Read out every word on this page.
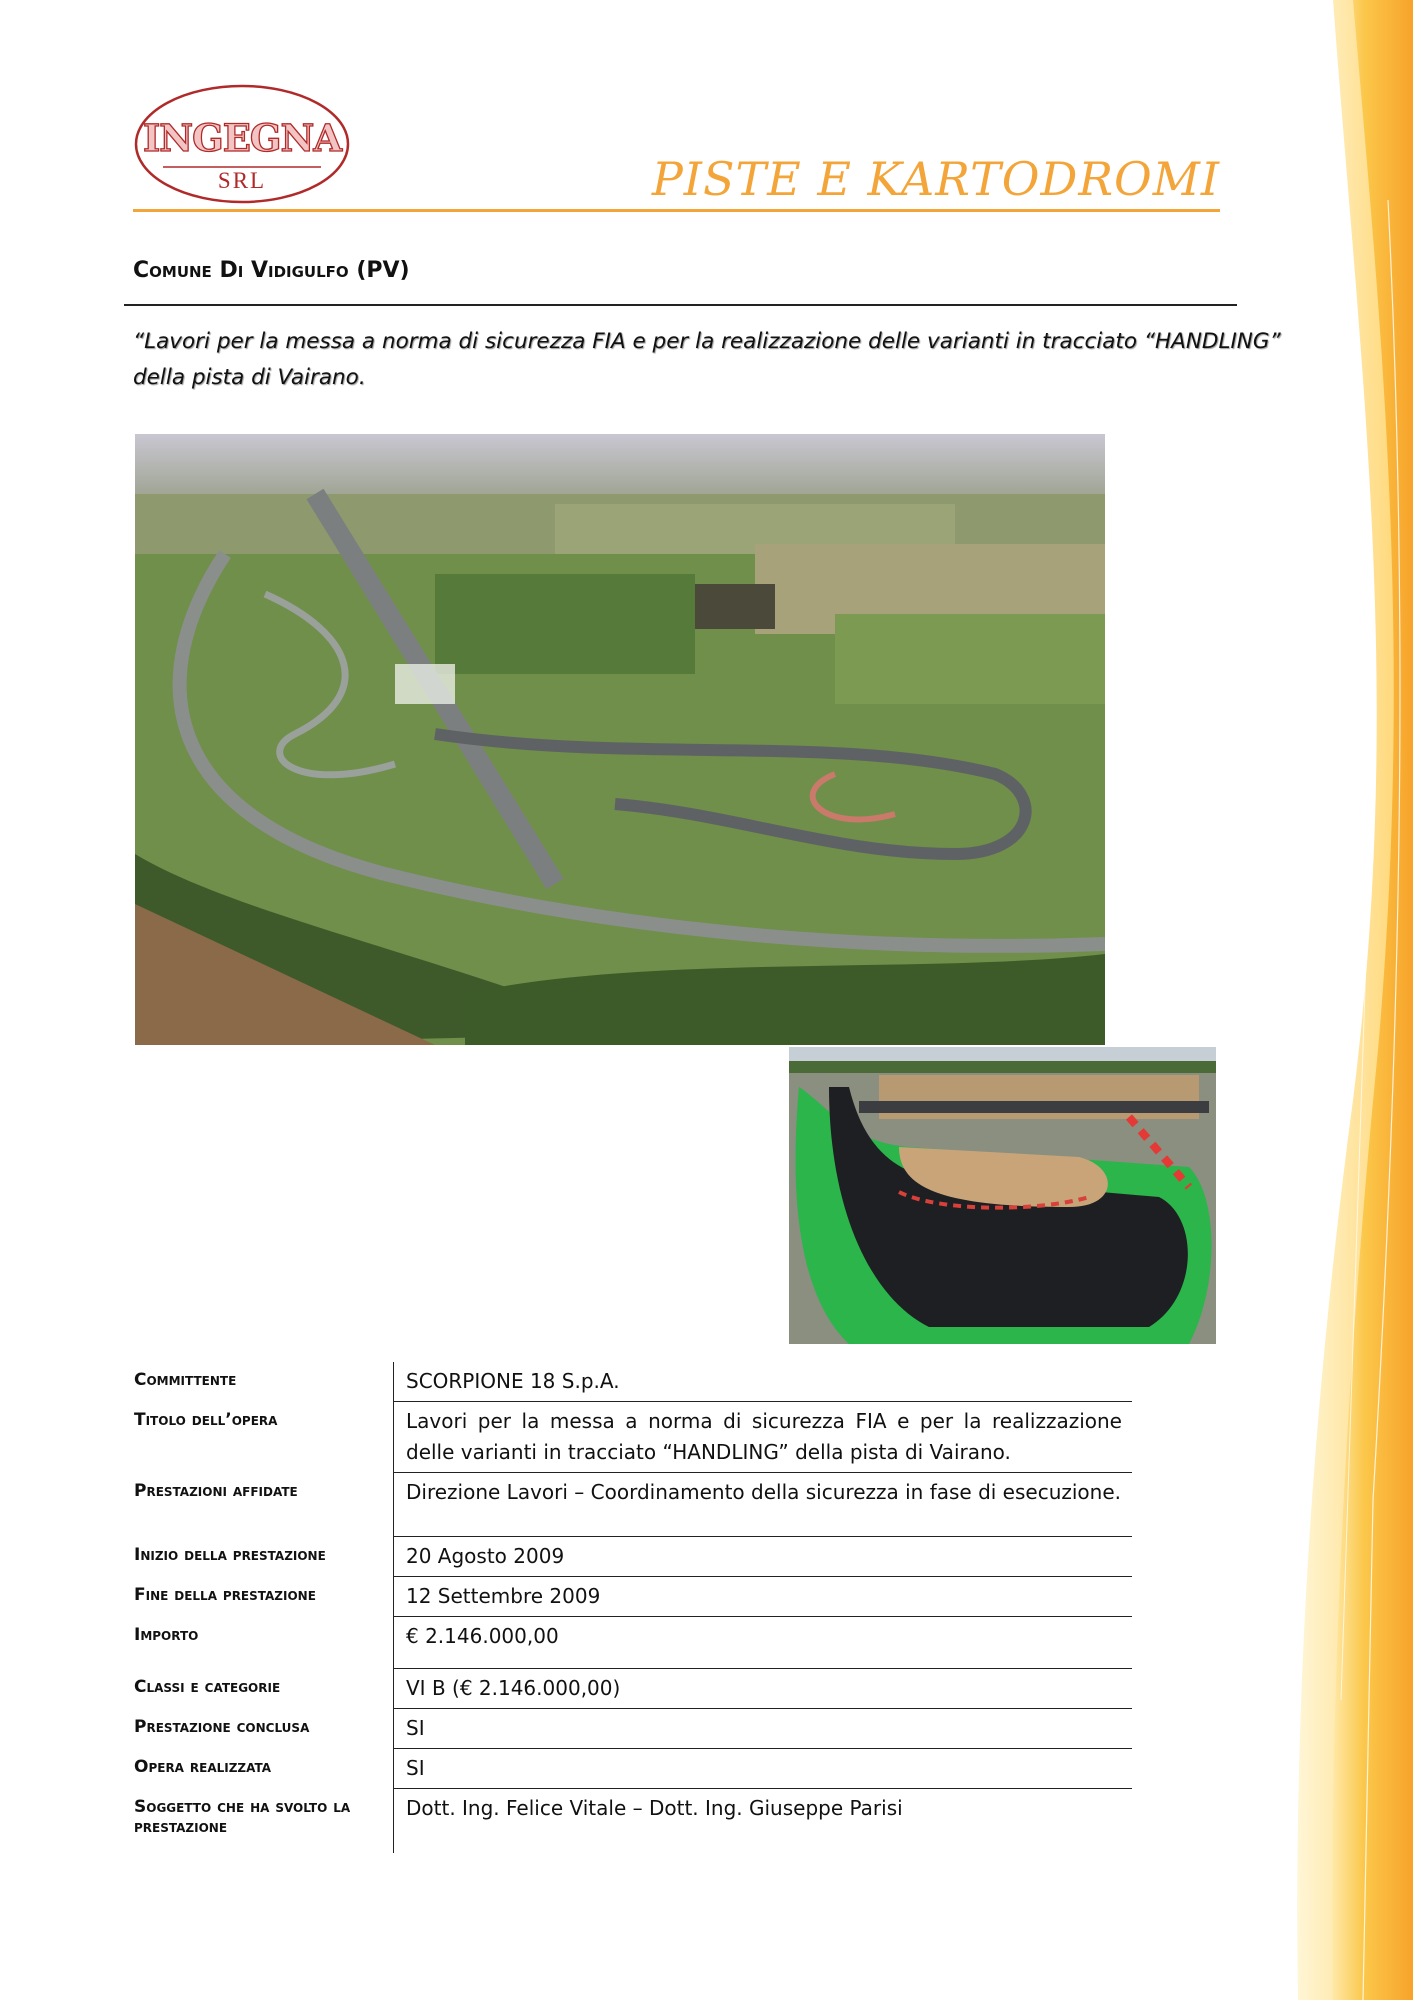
INGEGNA
SRL	PISTE E KARTODROMI
Comune Di Vidigulfo (PV)
“Lavori per la messa a norma di sicurezza FIA e per la realizzazione delle varianti in tracciato “HANDLING” della pista di Vairano.
Committente	SCORPIONE 18 S.p.A.
Titolo dell’opera	Lavori per la messa a norma di sicurezza FIA e per la realizzazione delle varianti in tracciato “HANDLING” della pista di Vairano.
Prestazioni affidate	Direzione Lavori – Coordinamento della sicurezza in fase di esecuzione.
Inizio della prestazione	20 Agosto 2009
Fine della prestazione	12 Settembre 2009
Importo	€ 2.146.000,00
Classi e categorie	VI B (€ 2.146.000,00)
Prestazione conclusa	SI
Opera realizzata	SI
Soggetto che ha svolto la prestazione	Dott. Ing. Felice Vitale – Dott. Ing. Giuseppe Parisi
